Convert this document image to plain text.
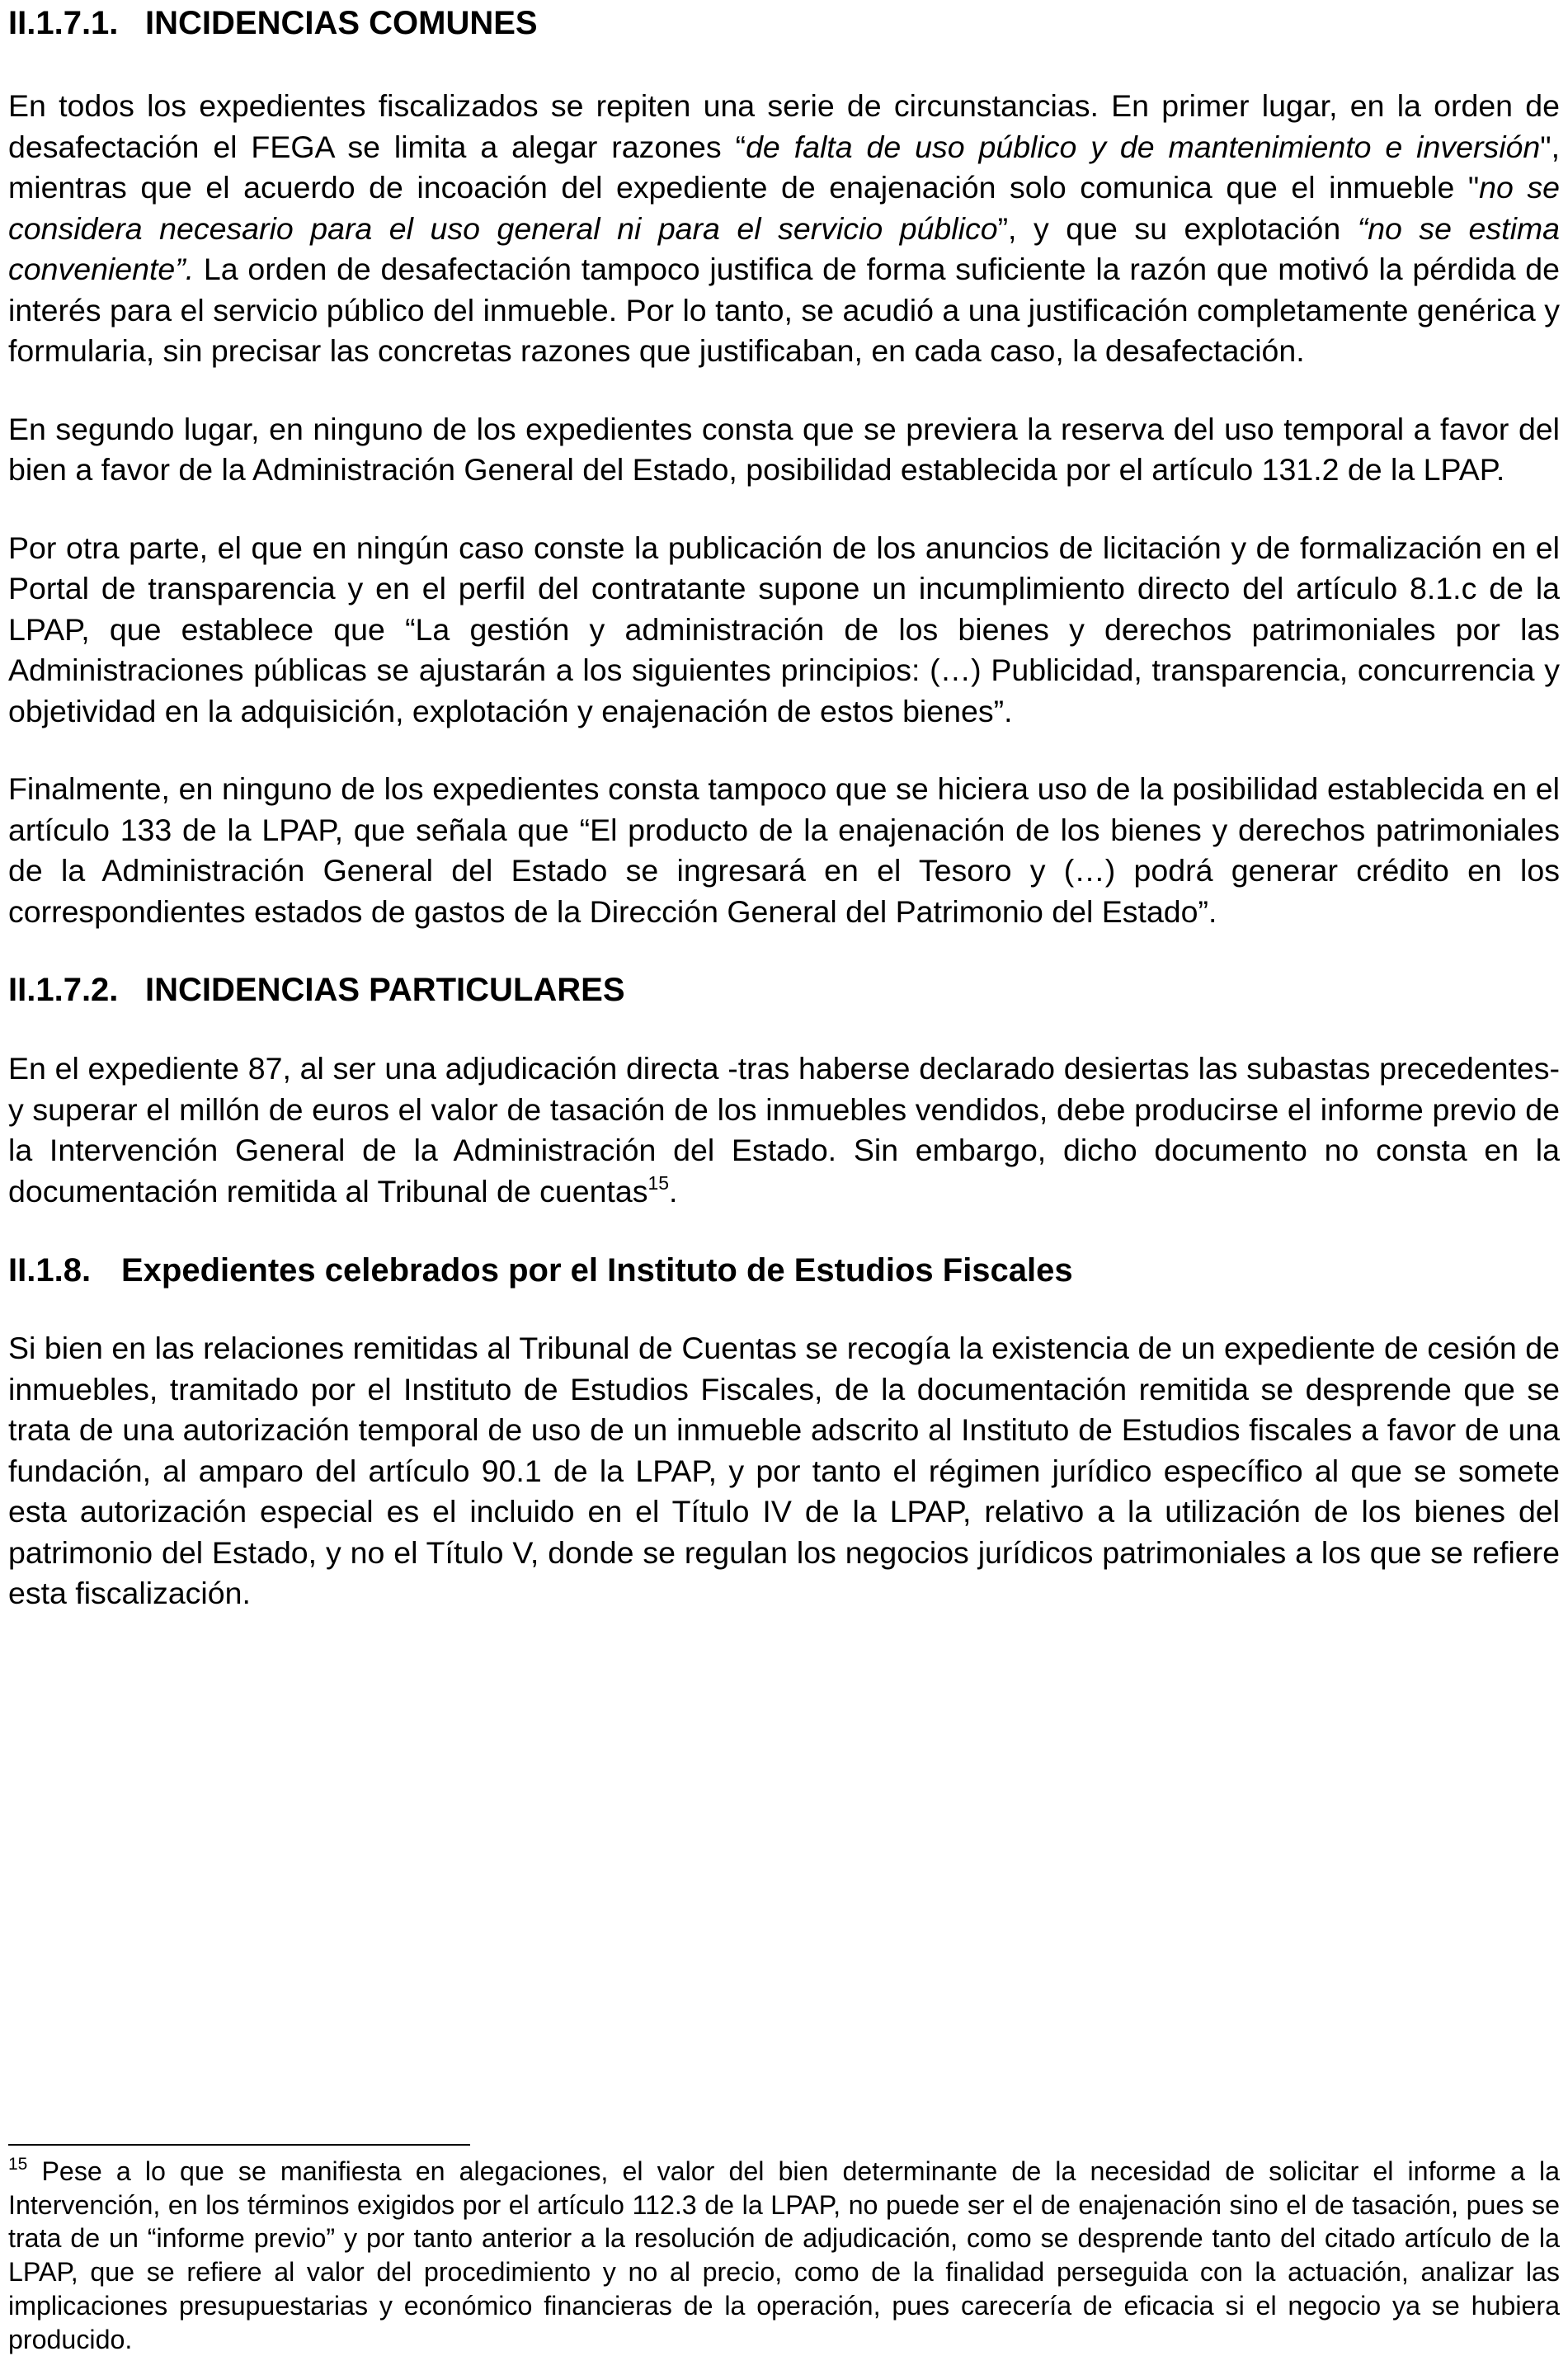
II.1.7.1. INCIDENCIAS COMUNES

En todos los expedientes fiscalizados se repiten una serie de circunstancias. En primer lugar, en la orden de desafectación el FEGA se limita a alegar razones “de falta de uso público y de mantenimiento e inversión", mientras que el acuerdo de incoación del expediente de enajenación solo comunica que el inmueble "no se considera necesario para el uso general ni para el servicio público”, y que su explotación “no se estima conveniente”. La orden de desafectación tampoco justifica de forma suficiente la razón que motivó la pérdida de interés para el servicio público del inmueble. Por lo tanto, se acudió a una justificación completamente genérica y formularia, sin precisar las concretas razones que justificaban, en cada caso, la desafectación.

En segundo lugar, en ninguno de los expedientes consta que se previera la reserva del uso temporal a favor del bien a favor de la Administración General del Estado, posibilidad establecida por el artículo 131.2 de la LPAP.

Por otra parte, el que en ningún caso conste la publicación de los anuncios de licitación y de formalización en el Portal de transparencia y en el perfil del contratante supone un incumplimiento directo del artículo 8.1.c de la LPAP, que establece que “La gestión y administración de los bienes y derechos patrimoniales por las Administraciones públicas se ajustarán a los siguientes principios: (…) Publicidad, transparencia, concurrencia y objetividad en la adquisición, explotación y enajenación de estos bienes”.

Finalmente, en ninguno de los expedientes consta tampoco que se hiciera uso de la posibilidad establecida en el artículo 133 de la LPAP, que señala que “El producto de la enajenación de los bienes y derechos patrimoniales de la Administración General del Estado se ingresará en el Tesoro y (…) podrá generar crédito en los correspondientes estados de gastos de la Dirección General del Patrimonio del Estado”.

II.1.7.2. INCIDENCIAS PARTICULARES

En el expediente 87, al ser una adjudicación directa -tras haberse declarado desiertas las subastas precedentes- y superar el millón de euros el valor de tasación de los inmuebles vendidos, debe producirse el informe previo de la Intervención General de la Administración del Estado. Sin embargo, dicho documento no consta en la documentación remitida al Tribunal de cuentas$^{15}$.

II.1.8. Expedientes celebrados por el Instituto de Estudios Fiscales

Si bien en las relaciones remitidas al Tribunal de Cuentas se recogía la existencia de un expediente de cesión de inmuebles, tramitado por el Instituto de Estudios Fiscales, de la documentación remitida se desprende que se trata de una autorización temporal de uso de un inmueble adscrito al Instituto de Estudios fiscales a favor de una fundación, al amparo del artículo 90.1 de la LPAP, y por tanto el régimen jurídico específico al que se somete esta autorización especial es el incluido en el Título IV de la LPAP, relativo a la utilización de los bienes del patrimonio del Estado, y no el Título V, donde se regulan los negocios jurídicos patrimoniales a los que se refiere esta fiscalización.

$^{15}$ Pese a lo que se manifiesta en alegaciones, el valor del bien determinante de la necesidad de solicitar el informe a la Intervención, en los términos exigidos por el artículo 112.3 de la LPAP, no puede ser el de enajenación sino el de tasación, pues se trata de un “informe previo” y por tanto anterior a la resolución de adjudicación, como se desprende tanto del citado artículo de la LPAP, que se refiere al valor del procedimiento y no al precio, como de la finalidad perseguida con la actuación, analizar las implicaciones presupuestarias y económico financieras de la operación, pues carecería de eficacia si el negocio ya se hubiera producido.
